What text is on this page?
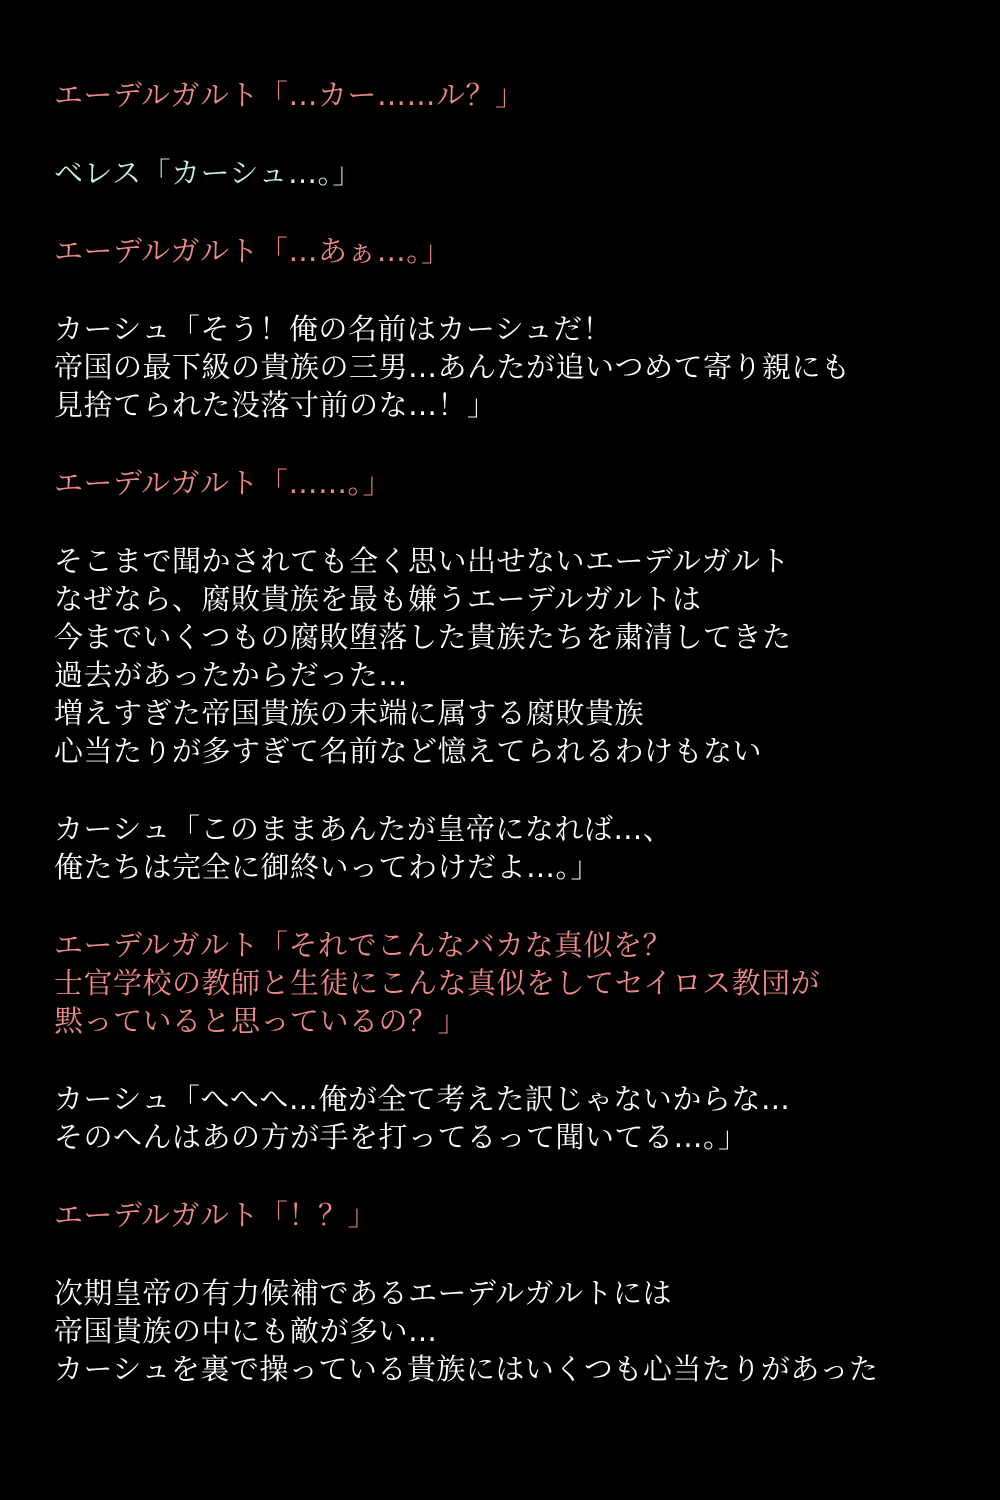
エーデルガルト「…カー……ル？」
ベレス「カーシュ…。」
エーデルガルト「…あぁ…。」
カーシュ「そう！俺の名前はカーシュだ！
帝国の最下級の貴族の三男…あんたが追いつめて寄り親にも
見捨てられた没落寸前のな…！」
エーデルガルト「……。」
そこまで聞かされても全く思い出せないエーデルガルト
なぜなら、腐敗貴族を最も嫌うエーデルガルトは
今までいくつもの腐敗堕落した貴族たちを粛清してきた
過去があったからだった…
増えすぎた帝国貴族の末端に属する腐敗貴族
心当たりが多すぎて名前など憶えてられるわけもない
カーシュ「このままあんたが皇帝になれば…、
俺たちは完全に御終いってわけだよ…。」
エーデルガルト「それでこんなバカな真似を？
士官学校の教師と生徒にこんな真似をしてセイロス教団が
黙っていると思っているの？」
カーシュ「へへへ…俺が全て考えた訳じゃないからな…
そのへんはあの方が手を打ってるって聞いてる…。」
エーデルガルト「！？」
次期皇帝の有力候補であるエーデルガルトには
帝国貴族の中にも敵が多い…
カーシュを裏で操っている貴族にはいくつも心当たりがあった
